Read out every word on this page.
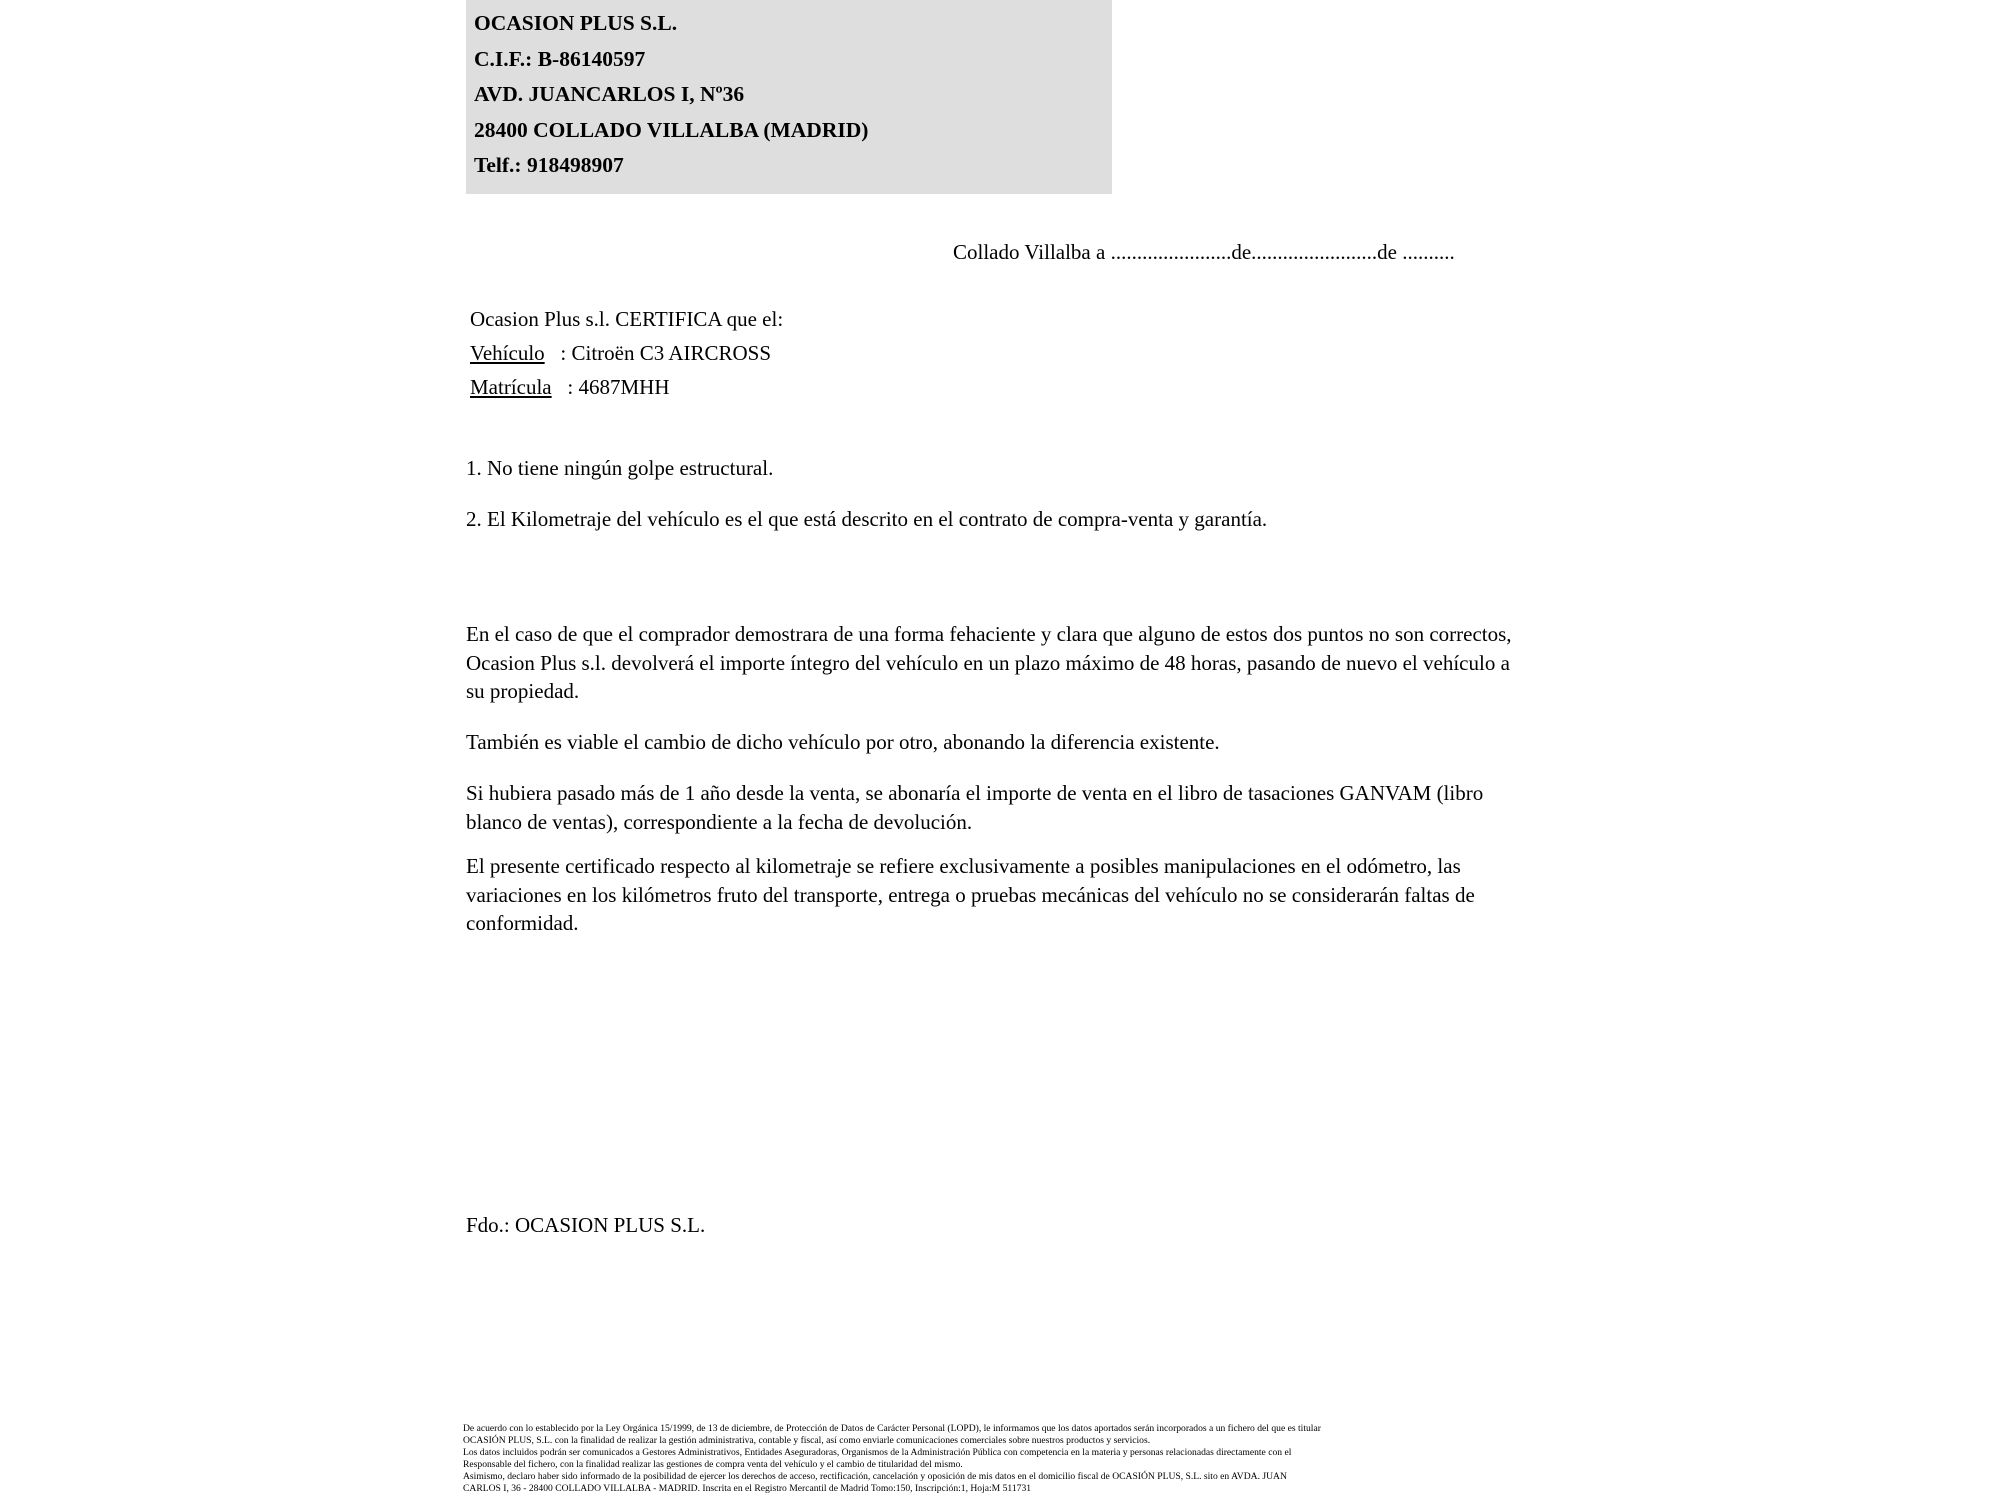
OCASION PLUS S.L.
C.I.F.: B-86140597
AVD. JUANCARLOS I, Nº36
28400 COLLADO VILLALBA (MADRID)
Telf.: 918498907
Collado Villalba a .......................de........................de ..........
Ocasion Plus s.l. CERTIFICA que el:
Vehículo   : Citroën C3 AIRCROSS
Matrícula   : 4687MHH
1. No tiene ningún golpe estructural.
2. El Kilometraje del vehículo es el que está descrito en el contrato de compra-venta y garantía.
En el caso de que el comprador demostrara de una forma fehaciente y clara que alguno de estos dos puntos no son correctos, Ocasion Plus s.l. devolverá el importe íntegro del vehículo en un plazo máximo de 48 horas, pasando de nuevo el vehículo a su propiedad.
También es viable el cambio de dicho vehículo por otro, abonando la diferencia existente.
Si hubiera pasado más de 1 año desde la venta, se abonaría el importe de venta en el libro de tasaciones GANVAM (libro blanco de ventas), correspondiente a la fecha de devolución.
El presente certificado respecto al kilometraje se refiere exclusivamente a posibles manipulaciones en el odómetro, las variaciones en los kilómetros fruto del transporte, entrega o pruebas mecánicas del vehículo no se considerarán faltas de conformidad.
Fdo.: OCASION PLUS S.L.
De acuerdo con lo establecido por la Ley Orgánica 15/1999, de 13 de diciembre, de Protección de Datos de Carácter Personal (LOPD), le informamos que los datos aportados serán incorporados a un fichero del que es titular
OCASIÓN PLUS, S.L. con la finalidad de realizar la gestión administrativa, contable y fiscal, así como enviarle comunicaciones comerciales sobre nuestros productos y servicios.
Los datos incluidos podrán ser comunicados a Gestores Administrativos, Entidades Aseguradoras, Organismos de la Administración Pública con competencia en la materia y personas relacionadas directamente con el
Responsable del fichero, con la finalidad realizar las gestiones de compra venta del vehículo y el cambio de titularidad del mismo.
Asimismo, declaro haber sido informado de la posibilidad de ejercer los derechos de acceso, rectificación, cancelación y oposición de mis datos en el domicilio fiscal de OCASIÓN PLUS, S.L. sito en AVDA. JUAN
CARLOS I, 36 - 28400 COLLADO VILLALBA - MADRID. Inscrita en el Registro Mercantil de Madrid Tomo:150, Inscripción:1, Hoja:M 511731
